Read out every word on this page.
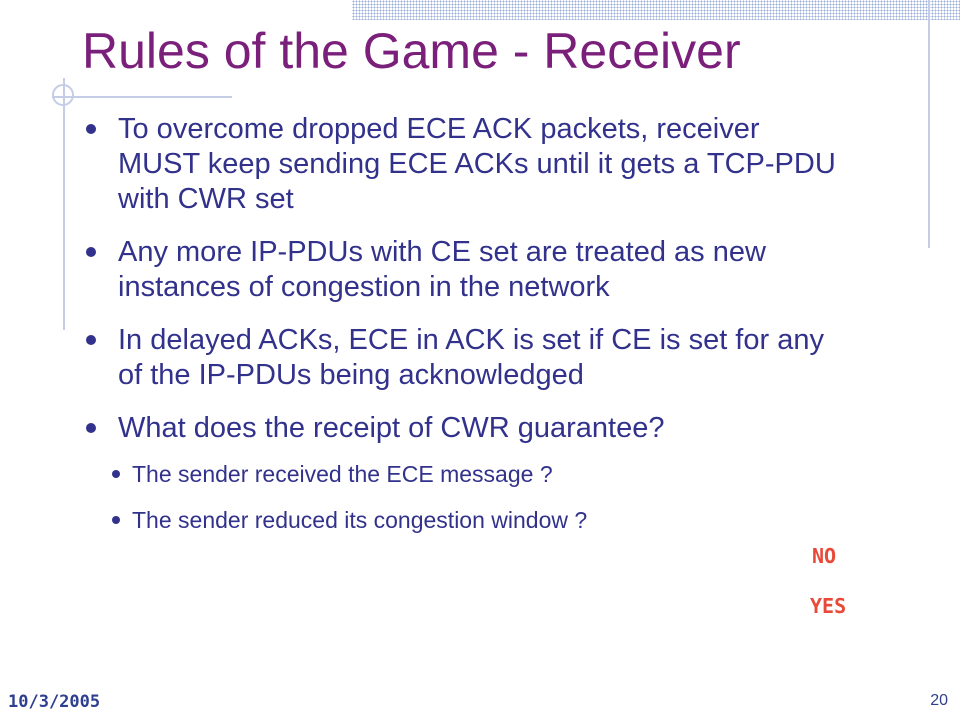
Rules of the Game - Receiver
To overcome dropped ECE ACK packets, receiver MUST keep sending ECE ACKs until it gets a TCP-PDU with CWR set
Any more IP-PDUs with CE set are treated as new instances of congestion in the network
In delayed ACKs, ECE in ACK is set if CE is set for any of the IP-PDUs being acknowledged
What does the receipt of CWR guarantee?
The sender received the ECE message ?
The sender reduced its congestion window ?
NO
YES
10/3/2005	20
